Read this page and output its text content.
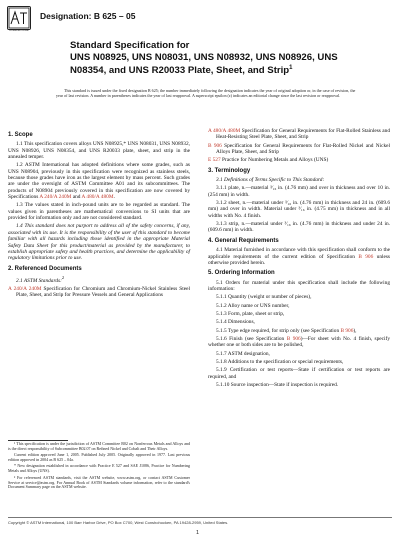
INTERNATIONAL
Designation: B 625 – 05
Standard Specification for
UNS N08925, UNS N08031, UNS N08932, UNS N08926, UNS
N08354, and UNS R20033 Plate, Sheet, and Strip$^1$
This standard is issued under the fixed designation B 625; the number immediately following the designation indicates the year of original adoption or, in the case of revision, the year of last revision. A number in parentheses indicates the year of last reapproval. A superscript epsilon (ε) indicates an editorial change since the last revision or reapproval.
1. Scope

1.1 This specification covers alloys UNS N08925,* UNS N08031, UNS N08932, UNS N08926, UNS N08354, and UNS R20033 plate, sheet, and strip in the annealed temper.

1.2 ASTM International has adopted definitions where some grades, such as UNS N08904, previously in this specification were recognized as stainless steels, because those grades have iron as the largest element by mass percent. Such grades are under the oversight of ASTM Committee A01 and its subcommittees. The products of N08904 previously covered in this specification are now covered by Specifications A 240/A 240M and A 480/A 480M.

1.3 The values stated in inch-pound units are to be regarded as standard. The values given in parentheses are mathematical conversions to SI units that are provided for information only and are not considered standard.

1.4 This standard does not purport to address all of the safety concerns, if any, associated with its use. It is the responsibility of the user of this standard to become familiar with all hazards including those identified in the appropriate Material Safety Data Sheet for this product/material as provided by the manufacturer, to establish appropriate safety and health practices, and determine the applicability of regulatory limitations prior to use.

2. Referenced Documents

2.1 ASTM Standards:$^2$

A 240/A 240M Specification for Chromium and Chromium-Nickel Stainless Steel Plate, Sheet, and Strip for Pressure Vessels and General Applications

A 480/A 480M Specification for General Requirements for Flat-Rolled Stainless and Heat-Resisting Steel Plate, Sheet, and Strip

B 906 Specification for General Requirements for Flat-Rolled Nickel and Nickel Alloys Plate, Sheet, and Strip

E 527 Practice for Numbering Metals and Alloys (UNS)

3. Terminology

3.1 Definitions of Terms Specific to This Standard:

3.1.1 plate, n.—material ³⁄₁₆ in. (4.76 mm) and over in thickness and over 10 in. (254 mm) in width.

3.1.2 sheet, n.—material under ³⁄₁₆ in. (4.76 mm) in thickness and 24 in. (609.6 mm) and over in width. Material under ³⁄₁₆ in. (4.75 mm) in thickness and in all widths with No. 4 finish.

3.1.3 strip, n.—material under ³⁄₁₆ in. (4.76 mm) in thickness and under 24 in. (609.6 mm) in width.

4. General Requirements

4.1 Material furnished in accordance with this specification shall conform to the applicable requirements of the current edition of Specification B 906 unless otherwise provided herein.

5. Ordering Information

5.1 Orders for material under this specification shall include the following information:

5.1.1 Quantity (weight or number of pieces),

5.1.2 Alloy name or UNS number,

5.1.3 Form, plate, sheet or strip,

5.1.4 Dimensions,

5.1.5 Type edge required, for strip only (see Specification B 906),

5.1.6 Finish (see Specification B 906)—For sheet with No. 4 finish, specify whether one or both sides are to be polished,

5.1.7 ASTM designation,

5.1.8 Additions to the specification or special requirements,

5.1.9 Certification or test reports—State if certification or test reports are required, and

5.1.10 Source inspection—State if inspection is required.

¹ This specification is under the jurisdiction of ASTM Committee B02 on Nonferrous Metals and Alloys and is the direct responsibility of Subcommittee B02.07 on Refined Nickel and Cobalt and Their Alloys.

Current edition approved June 1, 2005. Published July 2005. Originally approved in 1977. Last previous edition approved in 2004 as B 625 – 04a.

* New designation established in accordance with Practice E 527 and SAE J1086, Practice for Numbering Metals and Alloys (UNS).

² For referenced ASTM standards, visit the ASTM website, www.astm.org, or contact ASTM Customer Service at service@astm.org. For Annual Book of ASTM Standards volume information, refer to the standard's Document Summary page on the ASTM website.

Copyright © ASTM International, 100 Barr Harbor Drive, PO Box C700, West Conshohocken, PA 19428-2959, United States.
1
